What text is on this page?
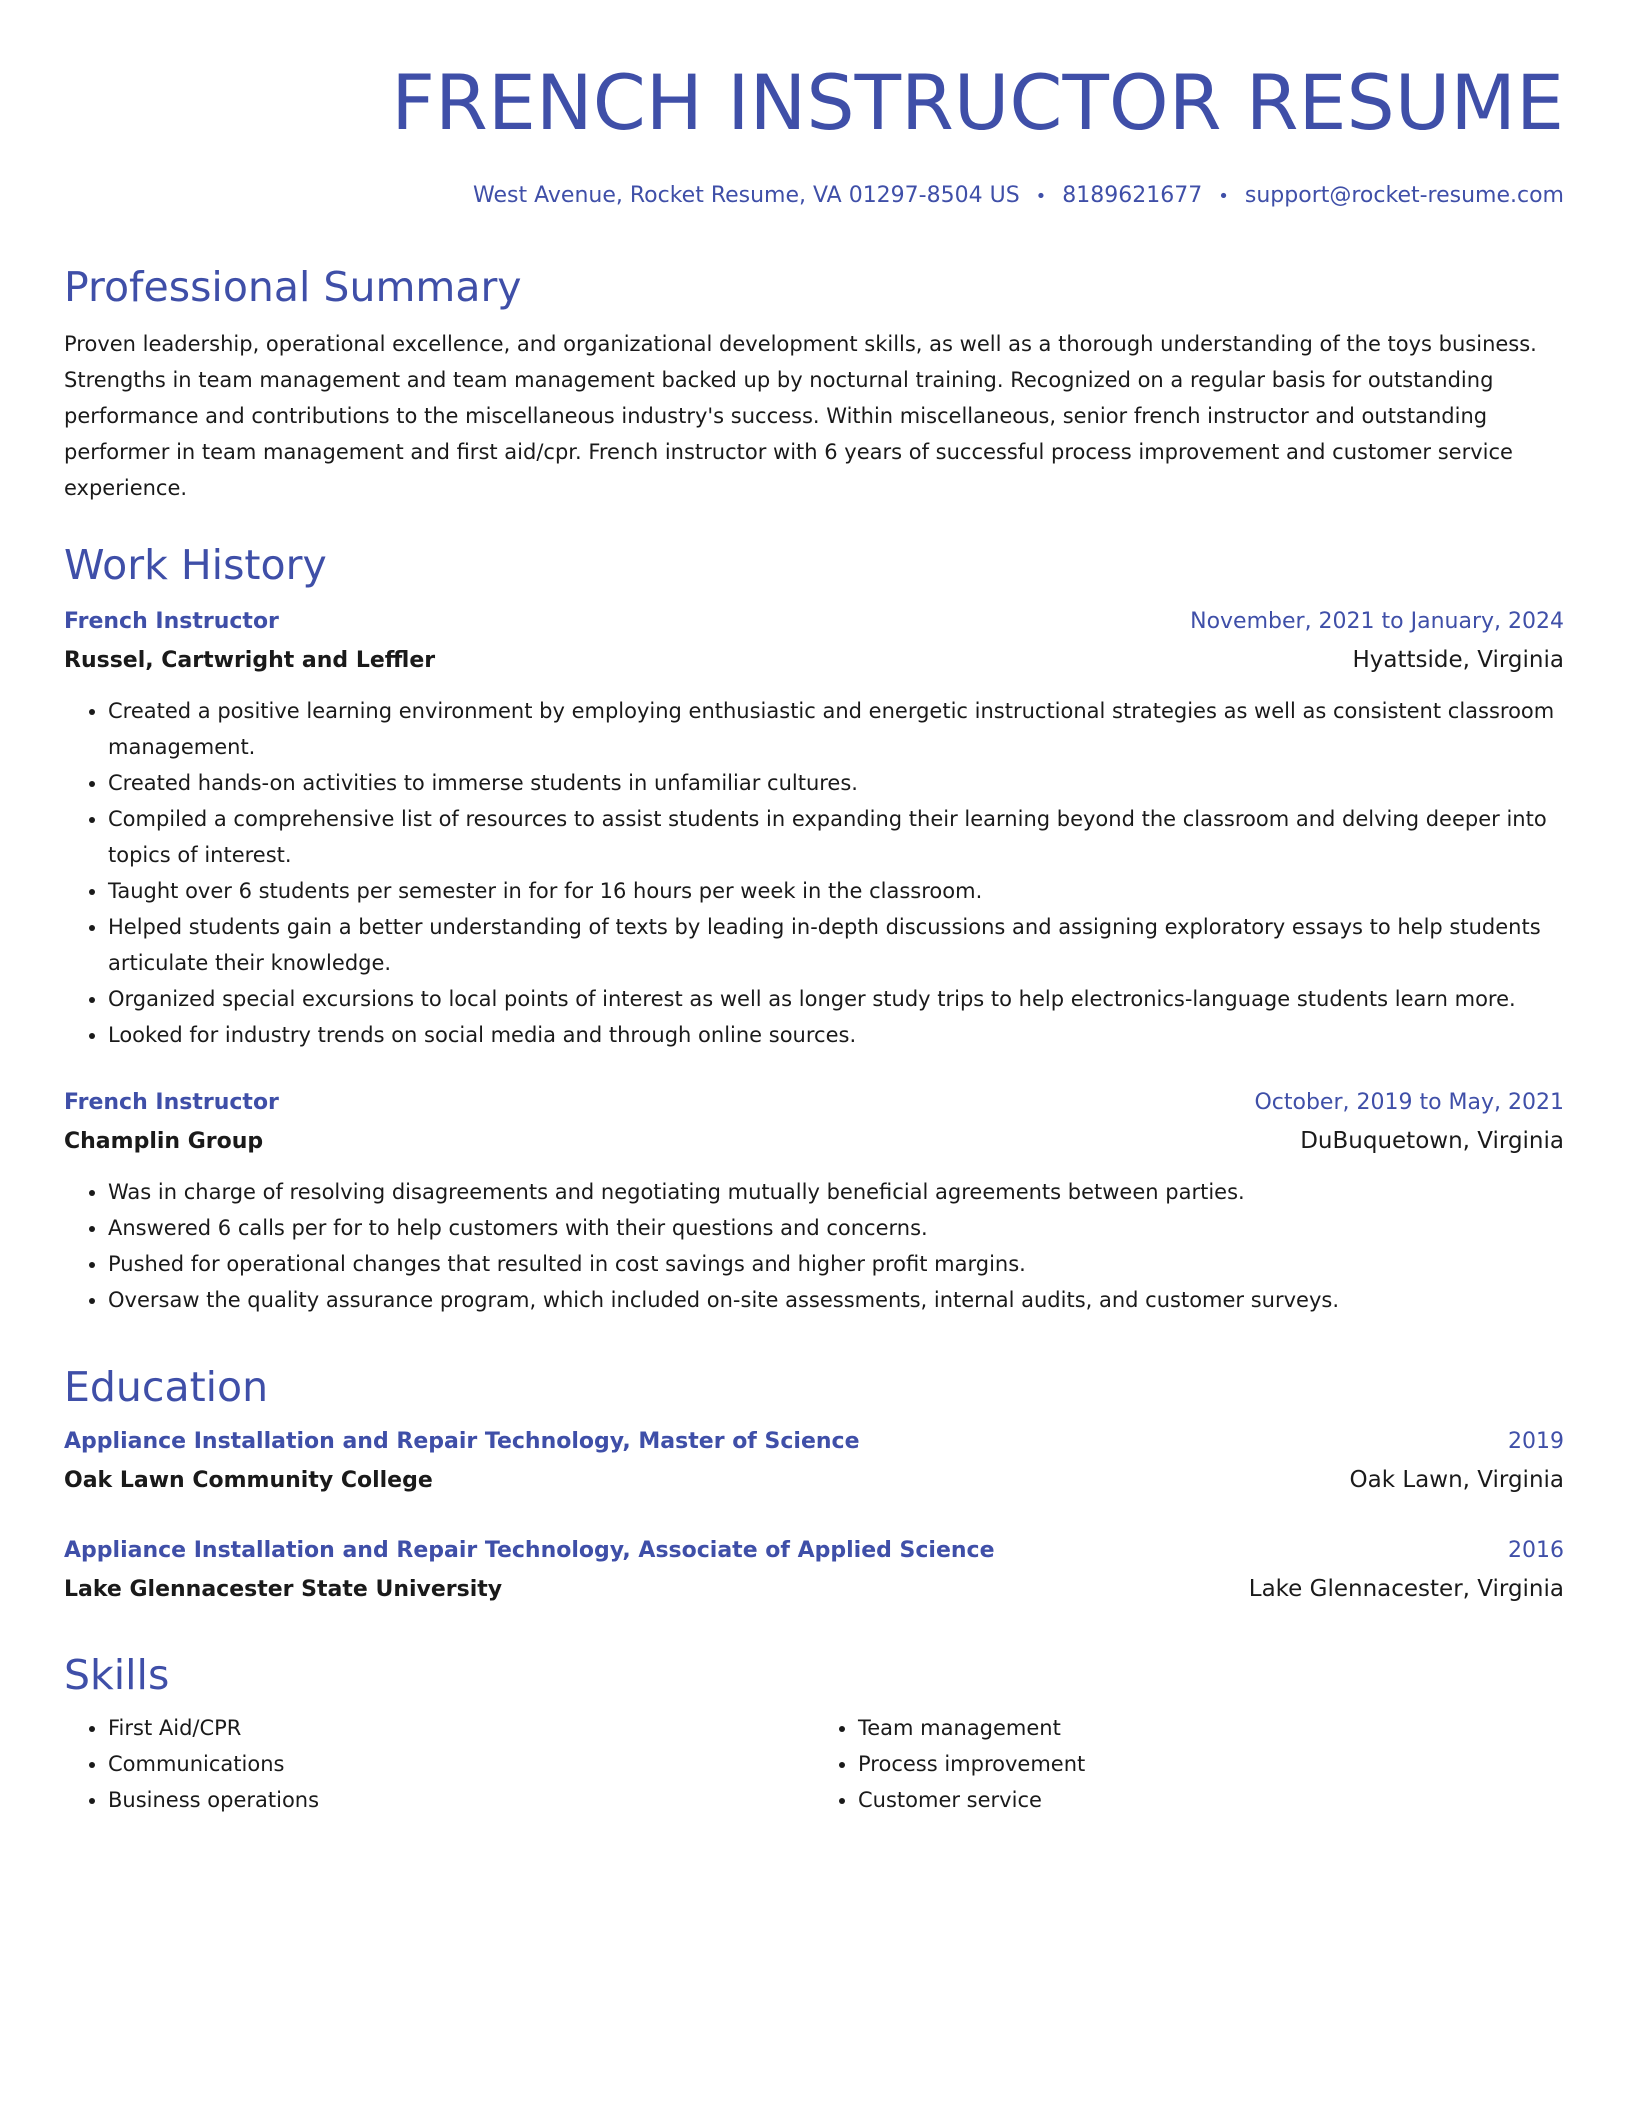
FRENCH INSTRUCTOR RESUME
West Avenue, Rocket Resume, VA 01297-8504 US • 8189621677 • support@rocket-resume.com
Professional Summary

Proven leadership, operational excellence, and organizational development skills, as well as a thorough understanding of the toys business. Strengths in team management and team management backed up by nocturnal training. Recognized on a regular basis for outstanding performance and contributions to the miscellaneous industry's success. Within miscellaneous, senior french instructor and outstanding performer in team management and first aid/cpr. French instructor with 6 years of successful process improvement and customer service experience.

Work History
French Instructor	November, 2021 to January, 2024
Russel, Cartwright and Leffler	Hyattside, Virginia
• Created a positive learning environment by employing enthusiastic and energetic instructional strategies as well as consistent classroom management.
• Created hands-on activities to immerse students in unfamiliar cultures.
• Compiled a comprehensive list of resources to assist students in expanding their learning beyond the classroom and delving deeper into topics of interest.
• Taught over 6 students per semester in for for 16 hours per week in the classroom.
• Helped students gain a better understanding of texts by leading in-depth discussions and assigning exploratory essays to help students articulate their knowledge.
• Organized special excursions to local points of interest as well as longer study trips to help electronics-language students learn more.
• Looked for industry trends on social media and through online sources.
French Instructor	October, 2019 to May, 2021
Champlin Group	DuBuquetown, Virginia
• Was in charge of resolving disagreements and negotiating mutually beneficial agreements between parties.
• Answered 6 calls per for to help customers with their questions and concerns.
• Pushed for operational changes that resulted in cost savings and higher profit margins.
• Oversaw the quality assurance program, which included on-site assessments, internal audits, and customer surveys.
Education
Appliance Installation and Repair Technology, Master of Science	2019
Oak Lawn Community College	Oak Lawn, Virginia
Appliance Installation and Repair Technology, Associate of Applied Science	2016
Lake Glennacester State University	Lake Glennacester, Virginia
Skills
• First Aid/CPR
• Communications
• Business operations
• Team management
• Process improvement
• Customer service
